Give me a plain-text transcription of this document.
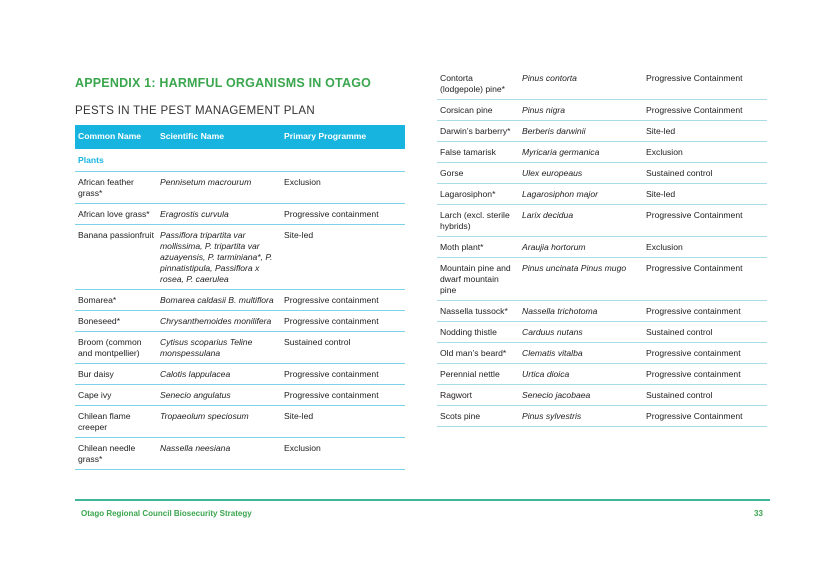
APPENDIX 1: HARMFUL ORGANISMS IN OTAGO
PESTS IN THE PEST MANAGEMENT PLAN
Common Name	Scientific Name	Primary Programme
Plants		
African feather grass*	Pennisetum macrourum	Exclusion
African love grass*	Eragrostis curvula	Progressive containment
Banana passionfruit	Passiflora tripartita var mollissima, P. tripartita var azuayensis, P. tarminiana*, P. pinnatistipula, Passiflora x rosea, P. caerulea	Site-led
Bomarea*	Bomarea caldasii B. multiflora	Progressive containment
Boneseed*	Chrysanthemoides monilifera	Progressive containment
Broom (common and montpellier)	Cytisus scoparius Teline monspessulana	Sustained control
Bur daisy	Calotis lappulacea	Progressive containment
Cape ivy	Senecio angulatus	Progressive containment
Chilean flame creeper	Tropaeolum speciosum	Site-led
Chilean needle grass*	Nassella neesiana	Exclusion
Contorta (lodgepole) pine*	Pinus contorta	Progressive Containment
Corsican pine	Pinus nigra	Progressive Containment
Darwin’s barberry*	Berberis darwinii	Site-led
False tamarisk	Myricaria germanica	Exclusion
Gorse	Ulex europeaus	Sustained control
Lagarosiphon*	Lagarosiphon major	Site-led
Larch (excl. sterile hybrids)	Larix decidua	Progressive Containment
Moth plant*	Araujia hortorum	Exclusion
Mountain pine and dwarf mountain pine	Pinus uncinata Pinus mugo	Progressive Containment
Nassella tussock*	Nassella trichotoma	Progressive containment
Nodding thistle	Carduus nutans	Sustained control
Old man’s beard*	Clematis vitalba	Progressive containment
Perennial nettle	Urtica dioica	Progressive containment
Ragwort	Senecio jacobaea	Sustained control
Scots pine	Pinus sylvestris	Progressive Containment
Otago Regional Council Biosecurity Strategy	33
